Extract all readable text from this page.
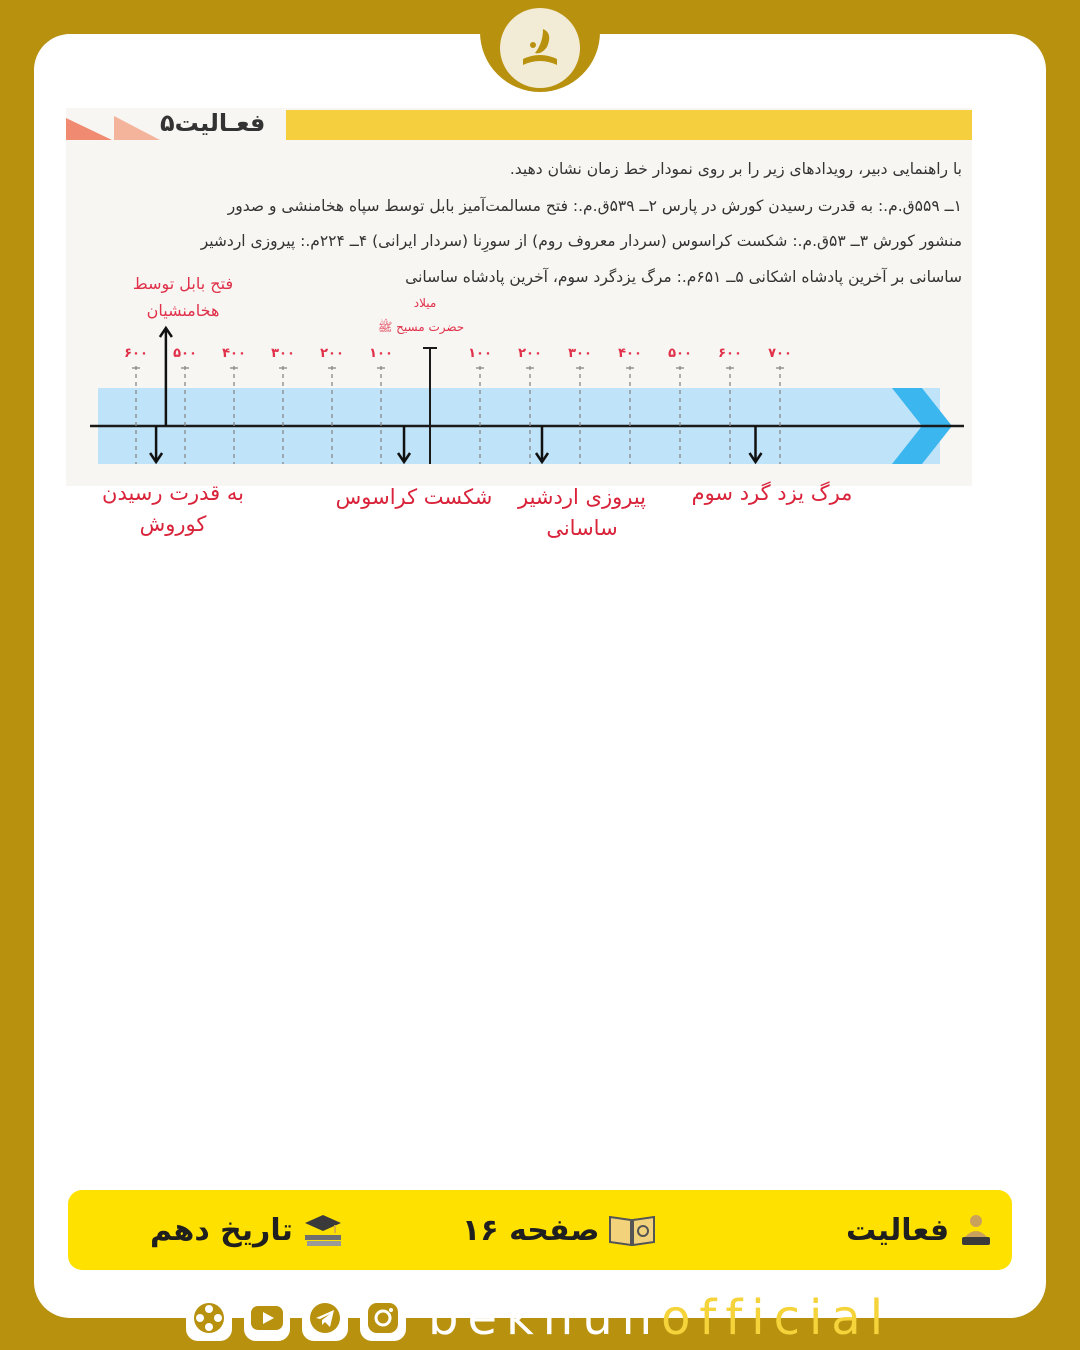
فعـالیت۵
با راهنمایی دبیر، رویدادهای زیر را بر روی نمودار خط زمان نشان دهید.
۱ــ ۵۵۹ق.م.: به قدرت رسیدن کورش در پارس ۲ــ ۵۳۹ق.م.: فتح مسالمت‌آمیز بابل توسط سپاه هخامنشی و صدور
منشور کورش ۳ــ ۵۳ق.م.: شکست کراسوس (سردار معروف روم) از سورِنا (سردار ایرانی) ۴ــ ۲۲۴م.: پیروزی اردشیر
ساسانی بر آخرین پادشاه اشکانی ۵ــ ۶۵۱م.: مرگ یزدگرد سوم، آخرین پادشاه ساسانی
۶۰۰ ۵۰۰ ۴۰۰ ۳۰۰ ۲۰۰ ۱۰۰	۱۰۰ ۲۰۰ ۳۰۰ ۴۰۰ ۵۰۰ ۶۰۰ ۷۰۰
میلاد
حضرت مسیح ﷺ
فتح بابل توسط
هخامنشیان
به قدرت رسیدن
کوروش
شکست کراسوس	پیروزی اردشیر
ساسانی
مرگ یزد گرد سوم
فعالیت
صفحه ۱۶
تاریخ دهم
bekhunofficial
